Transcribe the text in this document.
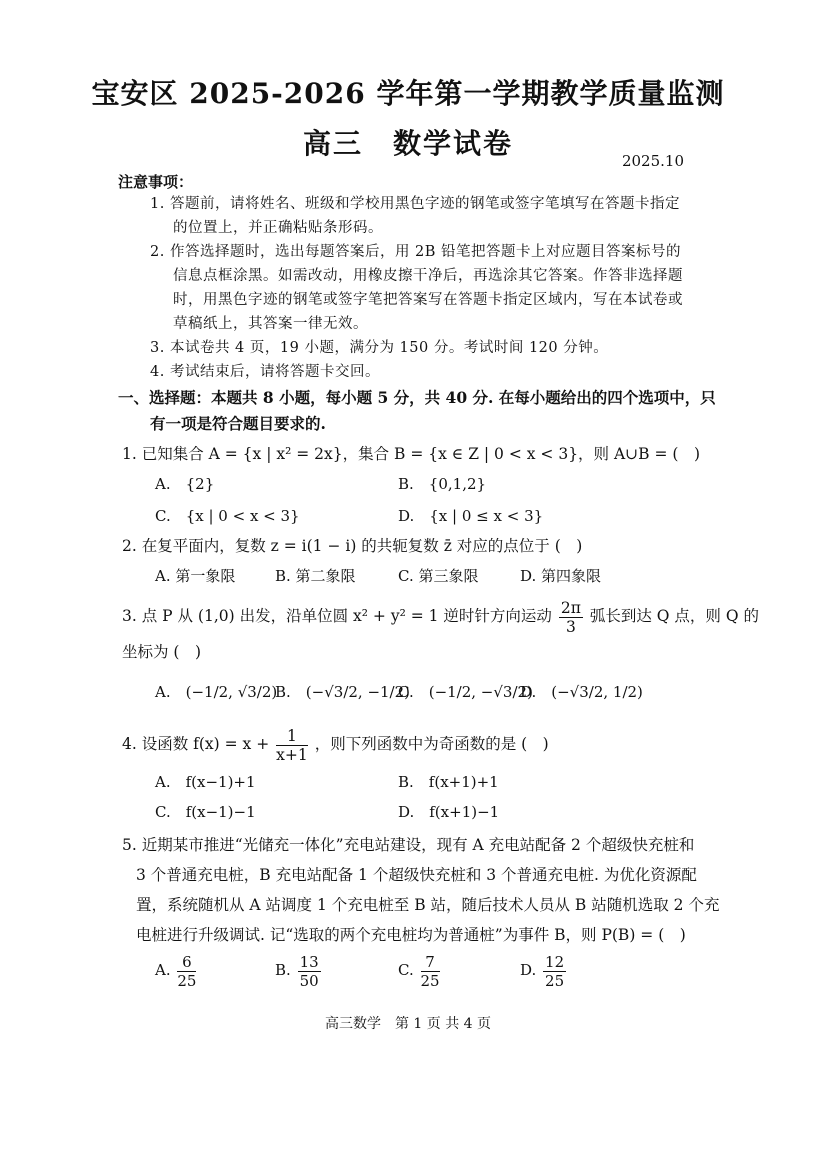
宝安区 2025-2026 学年第一学期教学质量监测
高三　数学试卷
2025.10
注意事项：
1. 答题前，请将姓名、班级和学校用黑色字迹的钢笔或签字笔填写在答题卡指定
的位置上，并正确粘贴条形码。
2. 作答选择题时，选出每题答案后，用 2B 铅笔把答题卡上对应题目答案标号的
信息点框涂黑。如需改动，用橡皮擦干净后，再选涂其它答案。作答非选择题
时，用黑色字迹的钢笔或签字笔把答案写在答题卡指定区域内，写在本试卷或
草稿纸上，其答案一律无效。
3. 本试卷共 4 页，19 小题，满分为 150 分。考试时间 120 分钟。
4. 考试结束后，请将答题卡交回。
一、选择题：本题共 8 小题，每小题 5 分，共 40 分. 在每小题给出的四个选项中，只
有一项是符合题目要求的.
1. 已知集合 A = {x | x² = 2x}，集合 B = {x ∈ Z | 0 < x < 3}，则 A∪B = (　)
A.　{2}	B.　{0,1,2}
C.　{x | 0 < x < 3}	D.　{x | 0 ≤ x < 3}
2. 在复平面内，复数 z = i(1 − i) 的共轭复数 z̄ 对应的点位于 (　)
A. 第一象限	B. 第二象限	C. 第三象限	D. 第四象限
3. 点 P 从 (1,0) 出发，沿单位圆 x² + y² = 1 逆时针方向运动 $\frac{2\pi}{3}$ 弧长到达 Q 点，则 Q 的
坐标为 (　)
A.　(−1/2, √3/2)
B.　(−√3/2, −1/2)
C.　(−1/2, −√3/2)
D.　(−√3/2, 1/2)
4. 设函数 $f(x) = x + \frac{1}{x+1}$ ，则下列函数中为奇函数的是 (　)
A.　f(x−1)+1	B.　f(x+1)+1
C.　f(x−1)−1	D.　f(x+1)−1
5. 近期某市推进“光储充一体化”充电站建设，现有 A 充电站配备 2 个超级快充桩和
3 个普通充电桩，B 充电站配备 1 个超级快充桩和 3 个普通充电桩. 为优化资源配
置，系统随机从 A 站调度 1 个充电桩至 B 站，随后技术人员从 B 站随机选取 2 个充
电桩进行升级调试. 记“选取的两个充电桩均为普通桩”为事件 B，则 P(B) = (　)
A. $\frac{6}{25}$	B. $\frac{13}{50}$	C. $\frac{7}{25}$	D. $\frac{12}{25}$
高三数学　第 1 页 共 4 页
